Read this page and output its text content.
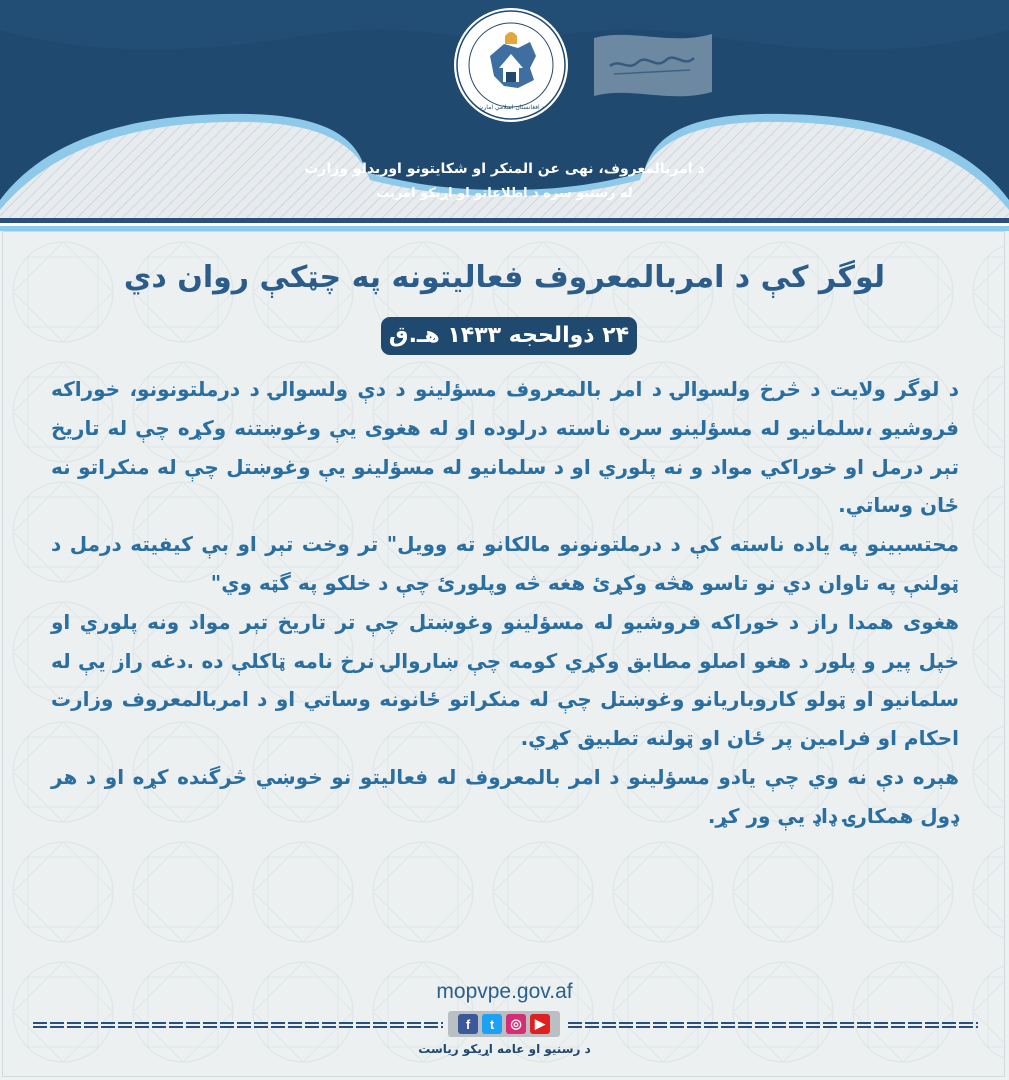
د افغانستان اسلامي امارت
د امربالمعروف، نهی عن المنکر او شکایتونو اوریدلو وزارت
له رسنیو سره د اطلاعاتو او اړیکو امریت
لوگر کې د امربالمعروف فعالیتونه په چټکې روان دي
۲۴ ذوالحجه ۱۴۳۳ هـ.ق

د لوگر ولایت د څرخ ولسوالۍ د امر بالمعروف مسؤلینو د دې ولسوالۍ د درملتونونو، خوراکه فروشیو ،سلمانیو له مسؤلینو سره ناسته درلوده او له هغوی یې وغوښتنه وکړه چې له تاریخ تېر درمل او خوراکي مواد و نه پلوري او د سلمانیو له مسؤلینو یې وغوښتل چې له منکراتو نه ځان وساتي.

محتسبینو په یاده ناسته کې د درملتونونو مالکانو ته وویل" تر وخت تېر او بې کیفیته درمل د ټولنې په تاوان دي نو تاسو هڅه وکړئ هغه څه وپلورئ چې د خلکو په گټه وي"

هغوی همدا راز د خوراکه فروشیو له مسؤلینو وغوښتل چې تر تاریخ تېر مواد ونه پلوري او خپل پیر و پلور د هغو اصلو مطابق وکړي کومه چې ښاروالۍ نرخ نامه ټاکلې ده .دغه راز یې له سلمانیو او ټولو کاروباریانو وغوښتل چې له منکراتو ځانونه وساتي او د امربالمعروف وزارت احکام او فرامین پر ځان او ټولنه تطبیق کړي.

هېره دې نه وي چې یادو مسؤلینو د امر بالمعروف له فعالیتو نو خوښي څرگنده کړه او د هر ډول همکارۍ ډاډ یې ور کړ.

mopvpe.gov.af
f	t	◎	▶
د رسنیو او عامه اړیکو ریاست
